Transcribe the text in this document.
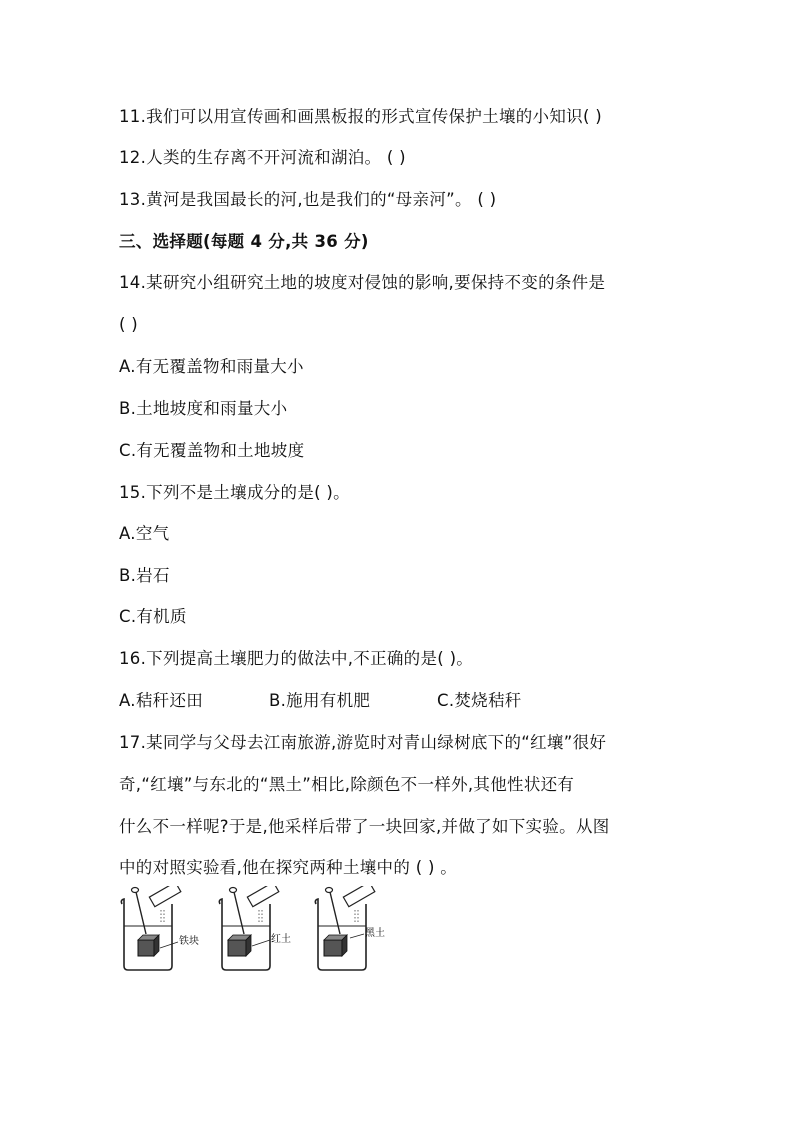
11.我们可以用宣传画和画黑板报的形式宣传保护土壤的小知识( )
12.人类的生存离不开河流和湖泊。 ( )
13.黄河是我国最长的河,也是我们的“母亲河”。 ( )
三、选择题(每题 4 分,共 36 分)
14.某研究小组研究土地的坡度对侵蚀的影响,要保持不变的条件是
( )
A.有无覆盖物和雨量大小
B.土地坡度和雨量大小
C.有无覆盖物和土地坡度
15.下列不是土壤成分的是( )。
A.空气
B.岩石
C.有机质
16.下列提高土壤肥力的做法中,不正确的是( )。
A.秸秆还田	B.施用有机肥	C.焚烧秸秆
17.某同学与父母去江南旅游,游览时对青山绿树底下的“红壤”很好
奇,“红壤”与东北的“黑土”相比,除颜色不一样外,其他性状还有
什么不一样呢?于是,他采样后带了一块回家,并做了如下实验。从图
中的对照实验看,他在探究两种土壤中的 ( ) 。
铁块	红土
黑土
